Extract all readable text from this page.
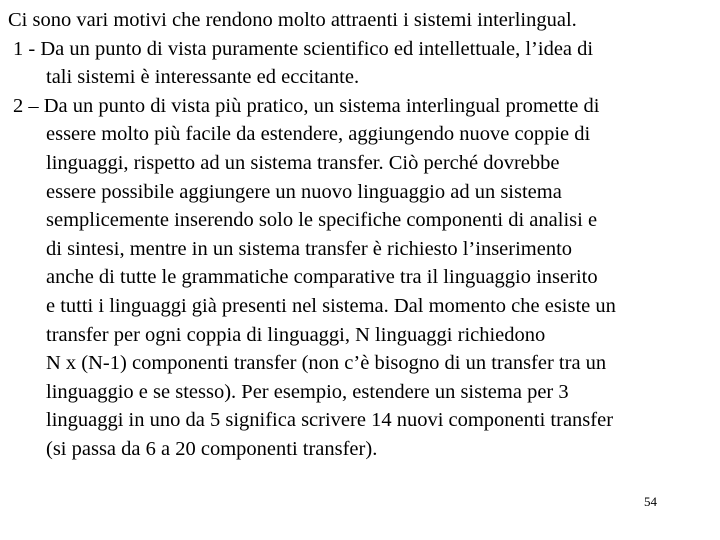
Ci sono vari motivi che rendono molto attraenti i sistemi interlingual.

1 - Da un punto di vista puramente scientifico ed intellettuale, l’idea di
tali sistemi è interessante ed eccitante.
2 – Da un punto di vista più pratico, un sistema interlingual promette di
essere molto più facile da estendere, aggiungendo nuove coppie di
linguaggi, rispetto ad un sistema transfer. Ciò perché dovrebbe
essere possibile aggiungere un nuovo linguaggio ad un sistema
semplicemente inserendo solo le specifiche componenti di analisi e
di sintesi, mentre in un sistema transfer è richiesto l’inserimento
anche di tutte le grammatiche comparative tra il linguaggio inserito
e tutti i linguaggi già presenti nel sistema. Dal momento che esiste un
transfer per ogni coppia di linguaggi, N linguaggi richiedono
N x (N-1) componenti transfer (non c’è bisogno di un transfer tra un
linguaggio e se stesso). Per esempio, estendere un sistema per 3
linguaggi in uno da 5 significa scrivere 14 nuovi componenti transfer
(si passa da 6 a 20 componenti transfer).
54
